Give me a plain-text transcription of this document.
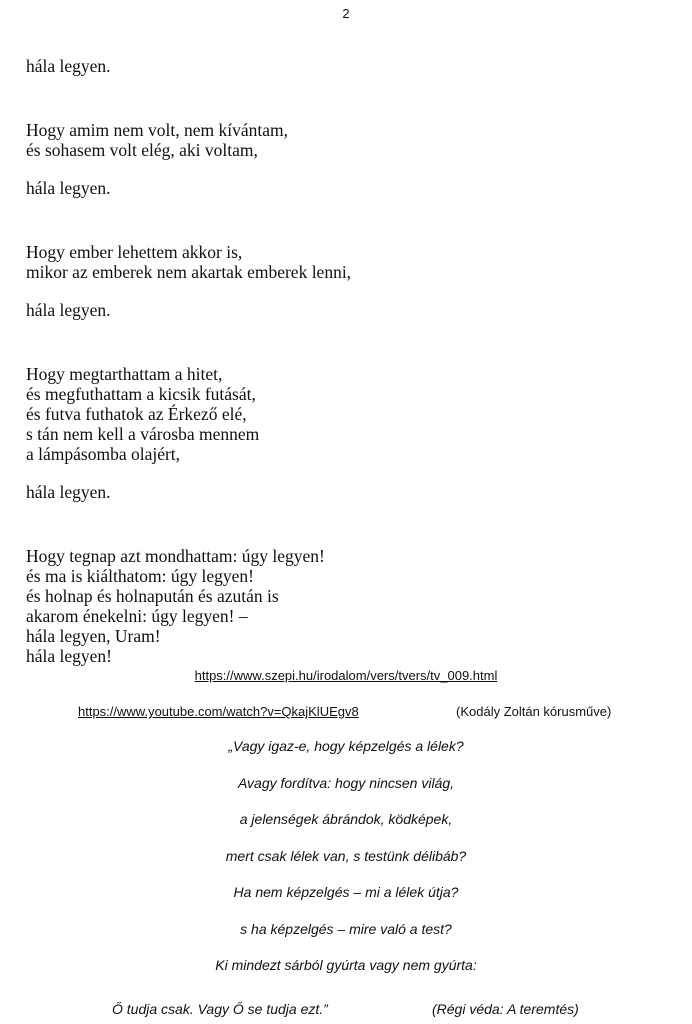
2
hála legyen.
Hogy amim nem volt, nem kívántam,
és sohasem volt elég, aki voltam,
hála legyen.
Hogy ember lehettem akkor is,
mikor az emberek nem akartak emberek lenni,
hála legyen.
Hogy megtarthattam a hitet,
és megfuthattam a kicsik futását,
és futva futhatok az Érkező elé,
s tán nem kell a városba mennem
a lámpásomba olajért,
hála legyen.
Hogy tegnap azt mondhattam: úgy legyen!
és ma is kiálthatom: úgy legyen!
és holnap és holnapután és azután is
akarom énekelni: úgy legyen! –
hála legyen, Uram!
hála legyen!
https://www.szepi.hu/irodalom/vers/tvers/tv_009.html
https://www.youtube.com/watch?v=QkajKlUEgv8	(Kodály Zoltán kórusműve)
„Vagy igaz-e, hogy képzelgés a lélek?
Avagy fordítva: hogy nincsen világ,
a jelenségek ábrándok, ködképek,
mert csak lélek van, s testünk délibáb?
Ha nem képzelgés – mi a lélek útja?
s ha képzelgés – mire való a test?
Ki mindezt sárból gyúrta vagy nem gyúrta:
Ő tudja csak. Vagy Ő se tudja ezt.”	(Régi véda: A teremtés)
